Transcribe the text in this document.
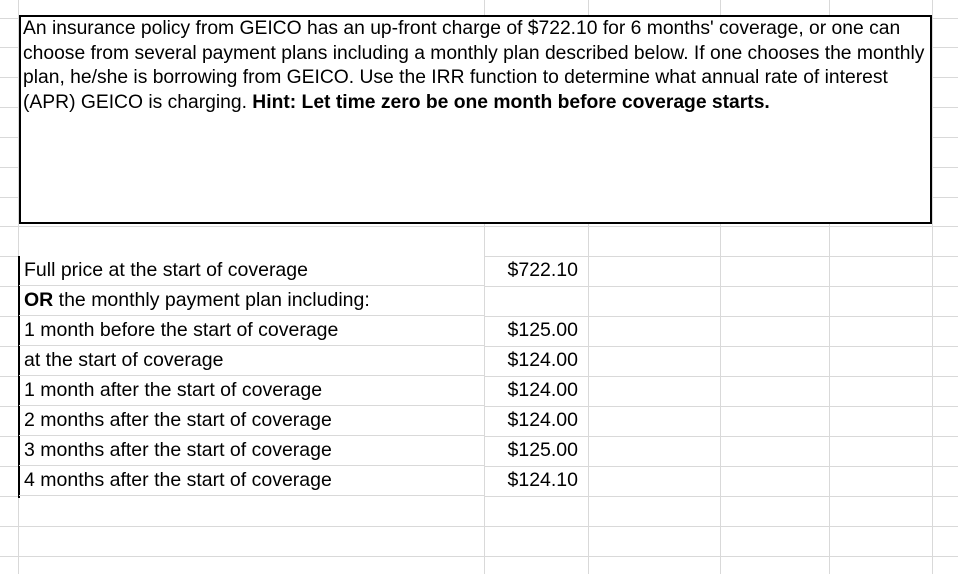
An insurance policy from GEICO has an up-front charge of $722.10 for 6 months' coverage, or one can choose from several payment plans including a monthly plan described below. If one chooses the monthly plan, he/she is borrowing from GEICO. Use the IRR function to determine what annual rate of interest (APR) GEICO is charging. Hint: Let time zero be one month before coverage starts.
Full price at the start of coverage	$722.10
OR the monthly payment plan including:
1 month before the start of coverage	$125.00
at the start of coverage	$124.00
1 month after the start of coverage	$124.00
2 months after the start of coverage	$124.00
3 months after the start of coverage	$125.00
4 months after the start of coverage	$124.10
